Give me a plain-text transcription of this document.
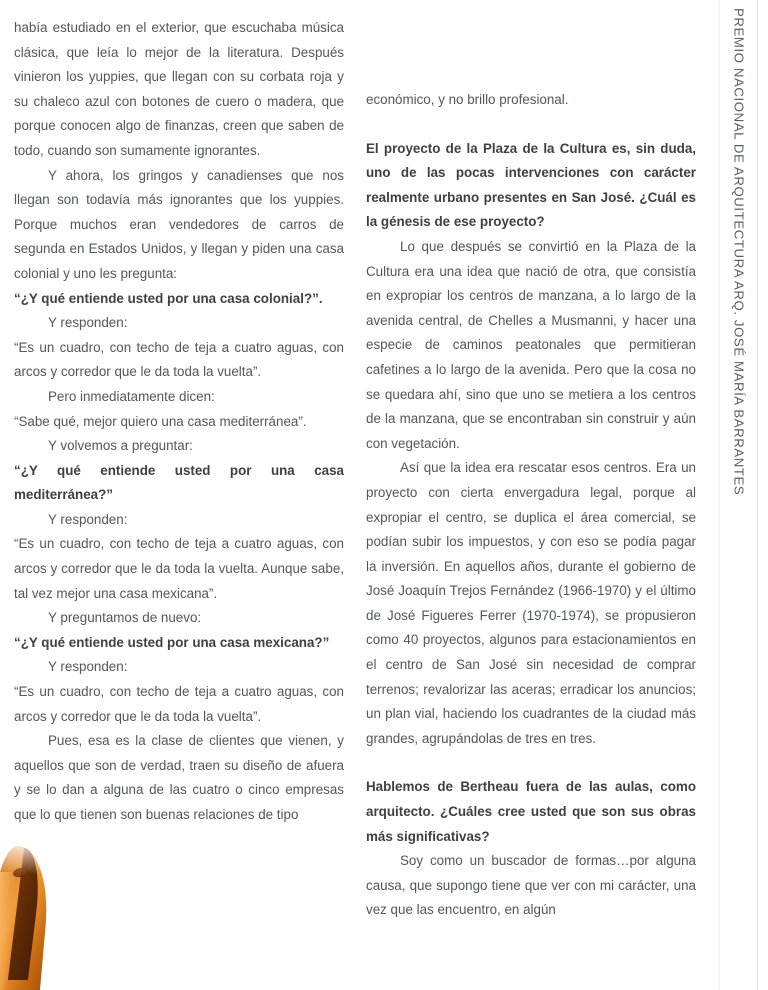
había estudiado en el exterior, que escuchaba música clásica, que leía lo mejor de la literatura. Después vinieron los yuppies, que llegan con su corbata roja y su chaleco azul con botones de cuero o madera, que porque conocen algo de finanzas, creen que saben de todo, cuando son sumamente ignorantes.

Y ahora, los gringos y canadienses que nos llegan son todavía más ignorantes que los yuppies. Porque muchos eran vendedores de carros de segunda en Estados Unidos, y llegan y piden una casa colonial y uno les pregunta:

“¿Y qué entiende usted por una casa colonial?”.

Y responden:

“Es un cuadro, con techo de teja a cuatro aguas, con arcos y corredor que le da toda la vuelta”.

Pero inmediatamente dicen:

“Sabe qué, mejor quiero una casa mediterránea”.

Y volvemos a preguntar:

“¿Y qué entiende usted por una casa mediterránea?”

Y responden:

“Es un cuadro, con techo de teja a cuatro aguas, con arcos y corredor que le da toda la vuelta. Aunque sabe, tal vez mejor una casa mexicana”.

Y preguntamos de nuevo:

“¿Y qué entiende usted por una casa mexicana?”

Y responden:

“Es un cuadro, con techo de teja a cuatro aguas, con arcos y corredor que le da toda la vuelta”.

Pues, esa es la clase de clientes que vienen, y aquellos que son de verdad, traen su diseño de afuera y se lo dan a alguna de las cuatro o cinco empresas que lo que tienen son buenas relaciones de tipo

económico, y no brillo profesional.

El proyecto de la Plaza de la Cultura es, sin duda, uno de las pocas intervenciones con carácter realmente urbano presentes en San José. ¿Cuál es la génesis de ese proyecto?

Lo que después se convirtió en la Plaza de la Cultura era una idea que nació de otra, que consistía en expropiar los centros de manzana, a lo largo de la avenida central, de Chelles a Musmanni, y hacer una especie de caminos peatonales que permitieran cafetines a lo largo de la avenida. Pero que la cosa no se quedara ahí, sino que uno se metiera a los centros de la manzana, que se encontraban sin construir y aún con vegetación.

Así que la idea era rescatar esos centros. Era un proyecto con cierta envergadura legal, porque al expropiar el centro, se duplica el área comercial, se podían subir los impuestos, y con eso se podía pagar la inversión. En aquellos años, durante el gobierno de José Joaquín Trejos Fernández (1966-1970) y el último de José Figueres Ferrer (1970-1974), se propusieron como 40 proyectos, algunos para estacionamientos en el centro de San José sin necesidad de comprar terrenos; revalorizar las aceras; erradicar los anuncios; un plan vial, haciendo los cuadrantes de la ciudad más grandes, agrupándolas de tres en tres.

Hablemos de Bertheau fuera de las aulas, como arquitecto. ¿Cuáles cree usted que son sus obras más significativas?

Soy como un buscador de formas…por alguna causa, que supongo tiene que ver con mi carácter, una vez que las encuentro, en algún

PREMIO NACIONAL DE ARQUITECTURA ARQ. JOSÉ MARÍA BARRANTES
